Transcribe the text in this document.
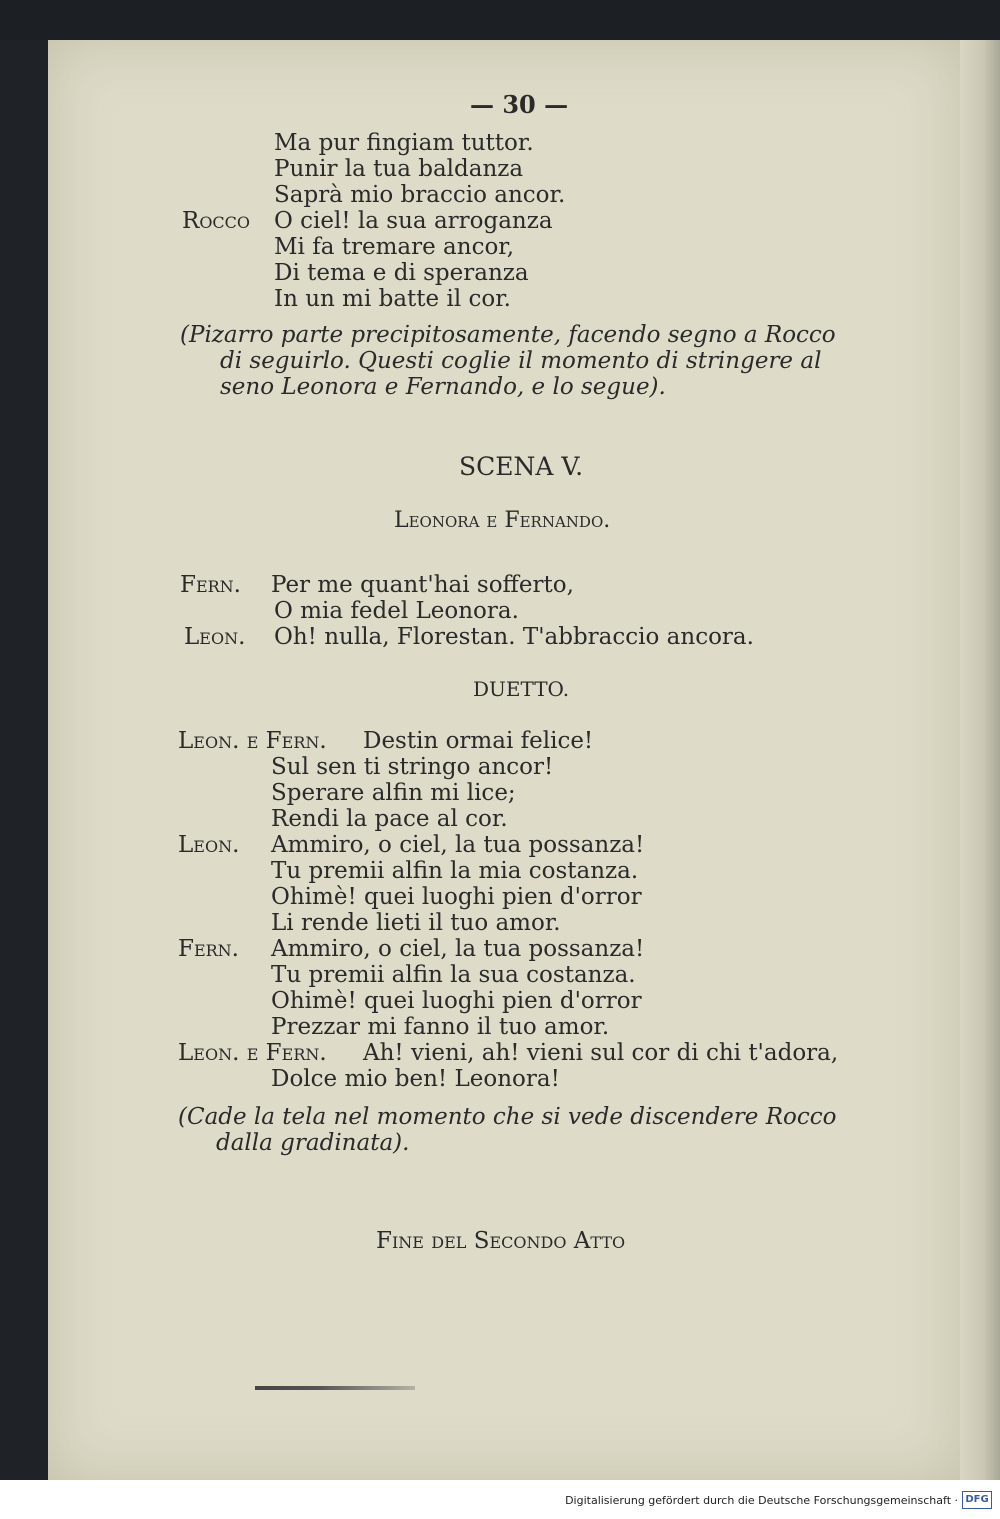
— 30 —
Ma pur fingiam tuttor.
Punir la tua baldanza
Saprà mio braccio ancor.
Rocco O ciel! la sua arroganza
Mi fa tremare ancor,
Di tema e di speranza
In un mi batte il cor.
(Pizarro parte precipitosamente, facendo segno a Rocco
di seguirlo. Questi coglie il momento di stringere al
seno Leonora e Fernando, e lo segue).
SCENA V.
Leonora e Fernando.
Fern. Per me quant'hai sofferto,
O mia fedel Leonora.
Leon. Oh! nulla, Florestan. T'abbraccio ancora.
DUETTO.
Leon. e Fern. Destin ormai felice!
Sul sen ti stringo ancor!
Sperare alfin mi lice;
Rendi la pace al cor.
Leon. Ammiro, o ciel, la tua possanza!
Tu premii alfin la mia costanza.
Ohimè! quei luoghi pien d'orror
Li rende lieti il tuo amor.
Fern. Ammiro, o ciel, la tua possanza!
Tu premii alfin la sua costanza.
Ohimè! quei luoghi pien d'orror
Prezzar mi fanno il tuo amor.
Leon. e Fern. Ah! vieni, ah! vieni sul cor di chi t'adora,
Dolce mio ben! Leonora!
(Cade la tela nel momento che si vede discendere Rocco
dalla gradinata).
Fine del Secondo Atto
Digitalisierung gefördert durch die Deutsche Forschungsgemeinschaft · DFG
